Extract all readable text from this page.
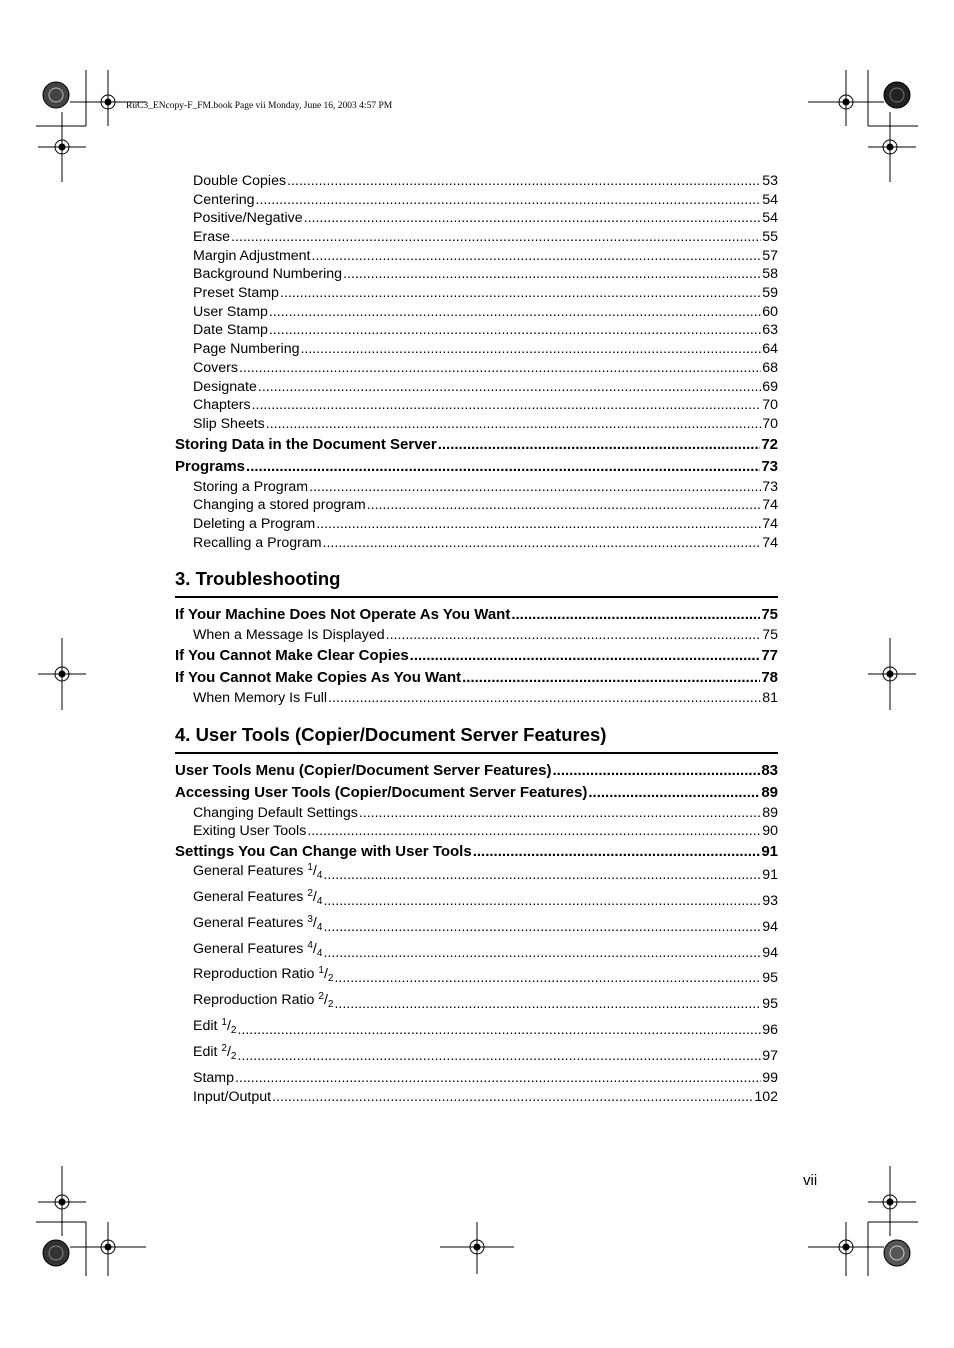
RuC3_ENcopy-F_FM.book Page vii Monday, June 16, 2003 4:57 PM
Double Copies .....	53
Centering .....	54
Positive/Negative .....	54
Erase .....	55
Margin Adjustment .....	57
Background Numbering .....	58
Preset Stamp .....	59
User Stamp .....	60
Date Stamp .....	63
Page Numbering .....	64
Covers .....	68
Designate .....	69
Chapters .....	70
Slip Sheets .....	70
Storing Data in the Document Server .....	72
Programs .....	73
Storing a Program .....	73
Changing a stored program .....	74
Deleting a Program .....	74
Recalling a Program .....	74
3. Troubleshooting
If Your Machine Does Not Operate As You Want .....	75
When a Message Is Displayed .....	75
If You Cannot Make Clear Copies .....	77
If You Cannot Make Copies As You Want .....	78
When Memory Is Full .....	81
4. User Tools (Copier/Document Server Features)
User Tools Menu (Copier/Document Server Features) .....	83
Accessing User Tools (Copier/Document Server Features) .....	89
Changing Default Settings .....	89
Exiting User Tools .....	90
Settings You Can Change with User Tools .....	91
General Features $^1/_4$ .....	91
General Features $^2/_4$ .....	93
General Features $^3/_4$ .....	94
General Features $^4/_4$ .....	94
Reproduction Ratio $^1/_2$ .....	95
Reproduction Ratio $^2/_2$ .....	95
Edit $^1/_2$ .....	96
Edit $^2/_2$ .....	97
Stamp .....	99
Input/Output .....	102
vii
